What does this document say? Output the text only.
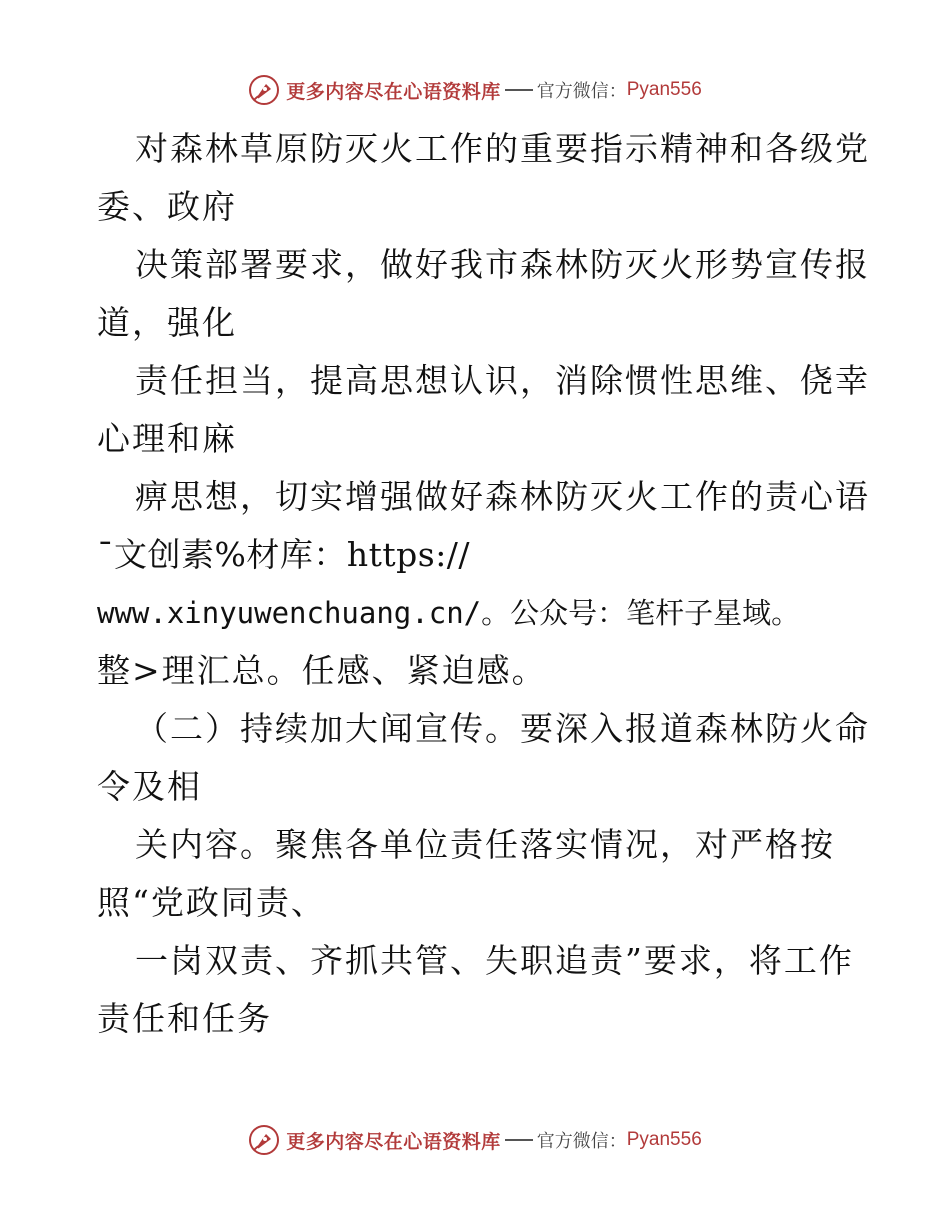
更多内容尽在心语资料库 官方微信： Pyan556
对森林草原防灭火工作的重要指示精神和各级党
委、政府
决策部署要求，做好我市森林防灭火形势宣传报
道，强化
责任担当，提高思想认识，消除惯性思维、侥幸
心理和麻
痹思想，切实增强做好森林防灭火工作的责心语
¯文创素%材库：https://
www.xinyuwenchuang.cn/。公众号：笔杆子星域。
整>理汇总。任感、紧迫感。
（二）持续加大闻宣传。要深入报道森林防火命
令及相
关内容。聚焦各单位责任落实情况，对严格按
照“党政同责、
一岗双责、齐抓共管、失职追责”要求，将工作
责任和任务
更多内容尽在心语资料库 官方微信： Pyan556
